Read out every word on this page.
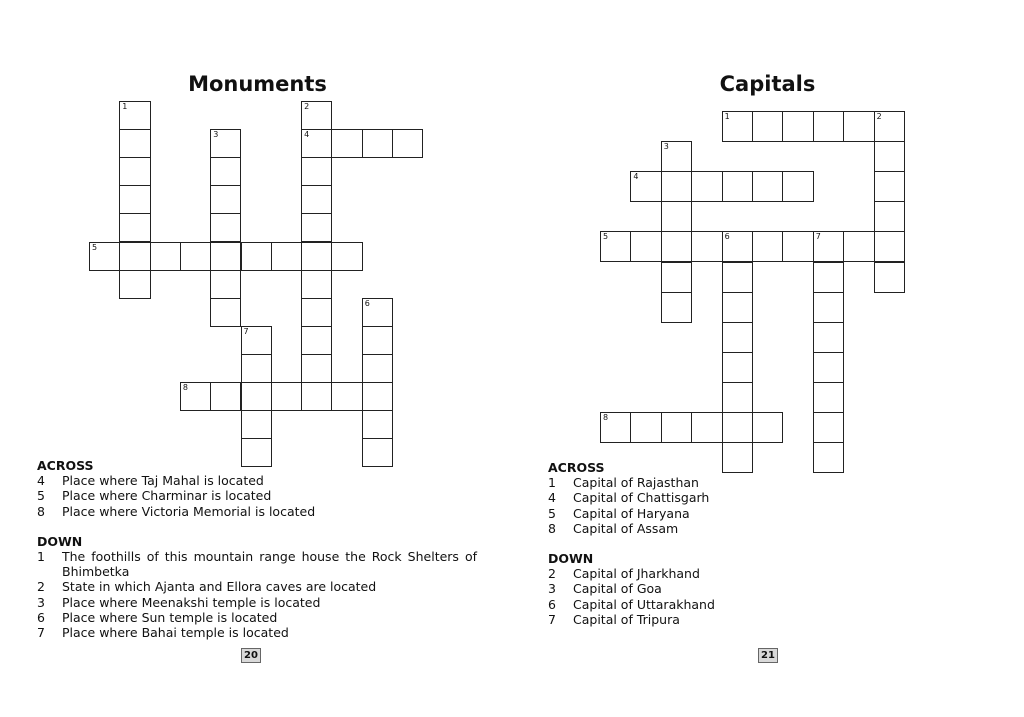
Monuments
1	2
4
3
5
6
7
8
ACROSS
4 Place where Taj Mahal is located
5 Place where Charminar is located
8 Place where Victoria Memorial is located
DOWN
1 The foothills of this mountain range house the Rock Shelters of Bhimbetka
2 State in which Ajanta and Ellora caves are located
3 Place where Meenakshi temple is located
6 Place where Sun temple is located
7 Place where Bahai temple is located
20
Capitals
1	2
3
4
5	6	7
8
ACROSS
1 Capital of Rajasthan
4 Capital of Chattisgarh
5 Capital of Haryana
8 Capital of Assam
DOWN
2 Capital of Jharkhand
3 Capital of Goa
6 Capital of Uttarakhand
7 Capital of Tripura
21
